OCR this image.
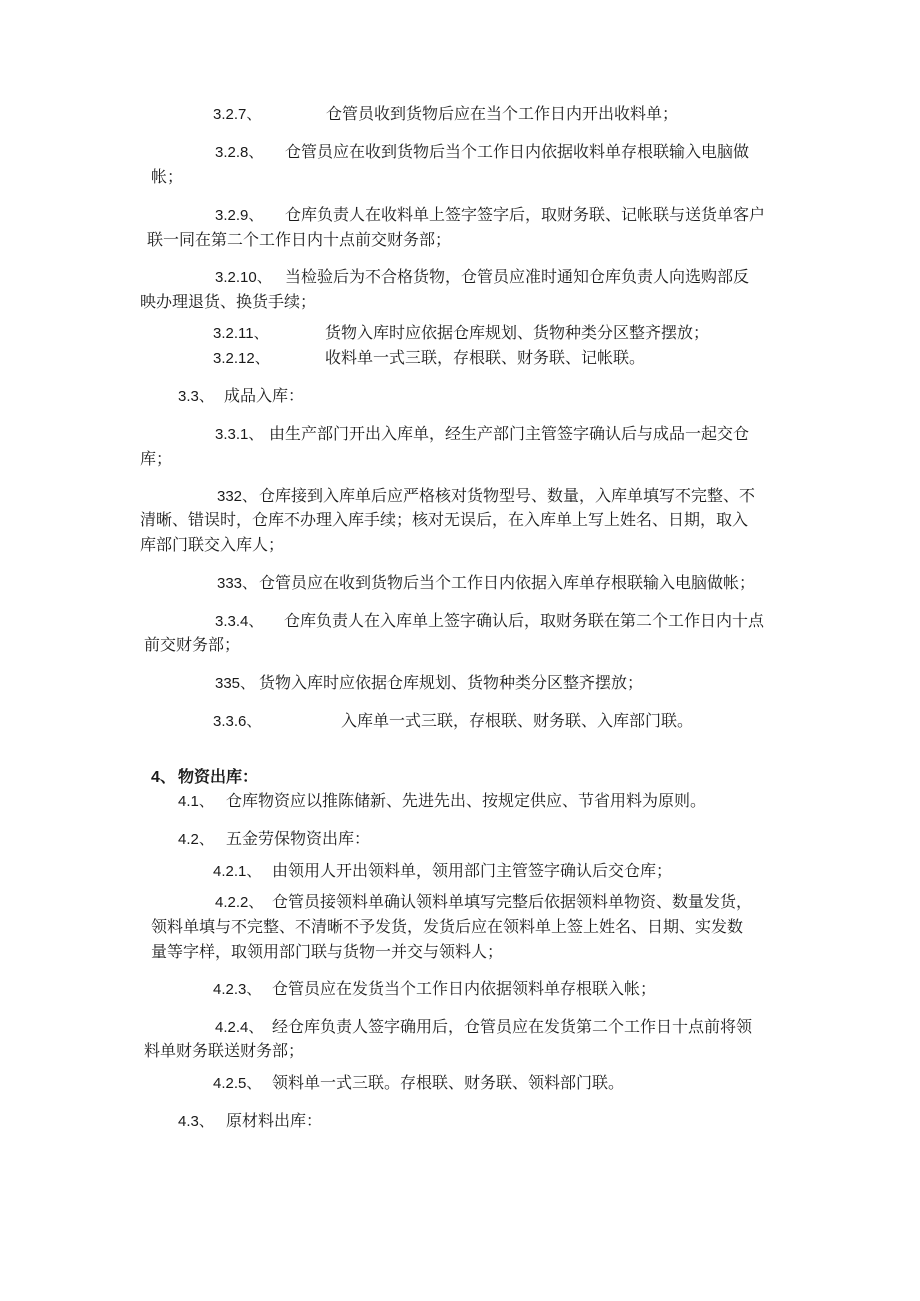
3.2.7、	仓管员收到货物后应在当个工作日内开出收料单；
3.2.8、 仓管员应在收到货物后当个工作日内依据收料单存根联输入电脑做
帐；
3.2.9、 仓库负责人在收料单上签字签字后，取财务联、记帐联与送货单客户
联一同在第二个工作日内十点前交财务部；
3.2.10、 当检验后为不合格货物，仓管员应准时通知仓库负责人向选购部反
映办理退货、换货手续；
3.2.11、	货物入库时应依据仓库规划、货物种类分区整齐摆放；
3.2.12、	收料单一式三联，存根联、财务联、记帐联。
3.3、 成品入库：
3.3.1、 由生产部门开出入库单，经生产部门主管签字确认后与成品一起交仓
库；
332、 仓库接到入库单后应严格核对货物型号、数量，入库单填写不完整、不
清晰、错误时，仓库不办理入库手续；核对无误后，在入库单上写上姓名、日期，取入
库部门联交入库人；
333、 仓管员应在收到货物后当个工作日内依据入库单存根联输入电脑做帐；
3.3.4、 仓库负责人在入库单上签字确认后，取财务联在第二个工作日内十点
前交财务部；
335、 货物入库时应依据仓库规划、货物种类分区整齐摆放；
3.3.6、	入库单一式三联，存根联、财务联、入库部门联。
4、 物资出库：
4.1、 仓库物资应以推陈储新、先进先出、按规定供应、节省用料为原则。
4.2、 五金劳保物资出库：
4.2.1、 由领用人开出领料单，领用部门主管签字确认后交仓库；
4.2.2、 仓管员接领料单确认领料单填写完整后依据领料单物资、数量发货，
领料单填与不完整、不清晰不予发货，发货后应在领料单上签上姓名、日期、实发数
量等字样，取领用部门联与货物一并交与领料人；
4.2.3、 仓管员应在发货当个工作日内依据领料单存根联入帐；
4.2.4、 经仓库负责人签字确用后，仓管员应在发货第二个工作日十点前将领
料单财务联送财务部；
4.2.5、 领料单一式三联。存根联、财务联、领料部门联。
4.3、 原材料出库：
